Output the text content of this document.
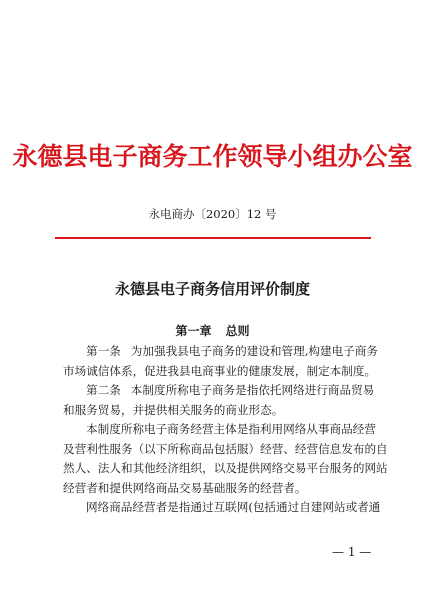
永德县电子商务工作领导小组办公室
永电商办〔2020〕12 号
永德县电子商务信用评价制度
第一章 总则
第一条 为加强我县电子商务的建设和管理,构建电子商务
市场诚信体系，促进我县电商事业的健康发展，制定本制度。
第二条 本制度所称电子商务是指依托网络进行商品贸易
和服务贸易，并提供相关服务的商业形态。
本制度所称电子商务经营主体是指利用网络从事商品经营
及营利性服务（以下所称商品包括服）经营、经营信息发布的自
然人、法人和其他经济组织，以及提供网络交易平台服务的网站
经营者和提供网络商品交易基础服务的经营者。
网络商品经营者是指通过互联网(包括通过自建网站或者通
— 1 —
